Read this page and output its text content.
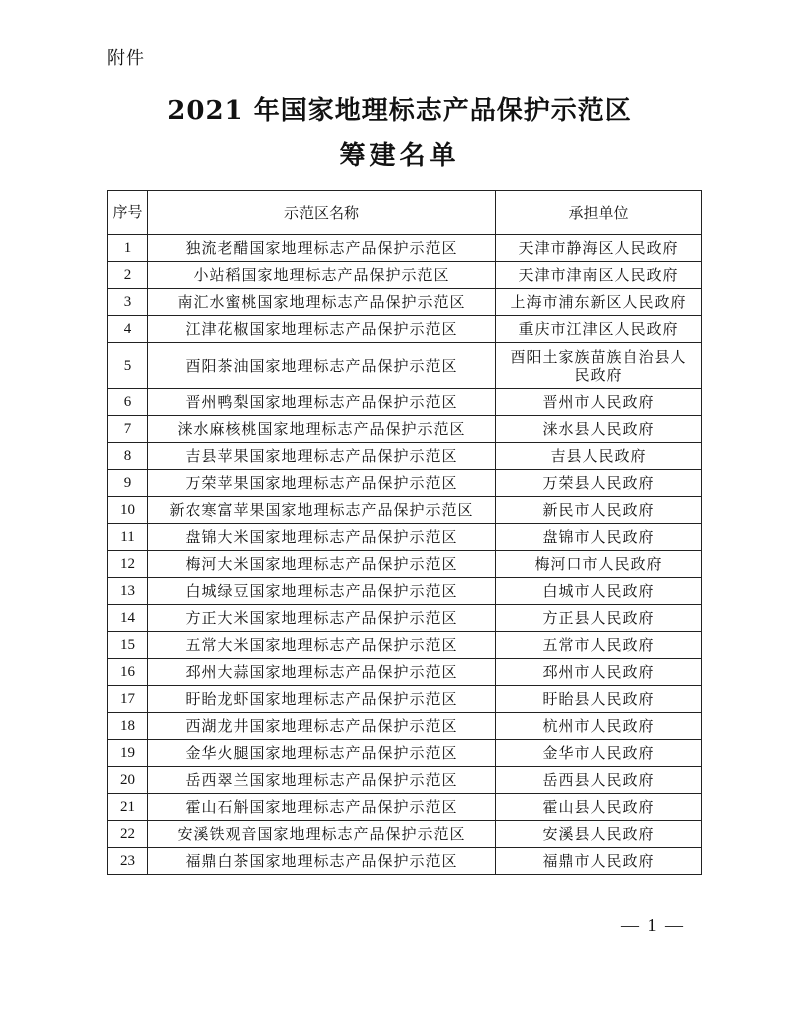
附件
2021 年国家地理标志产品保护示范区
筹建名单
序号	示范区名称	承担单位
1	独流老醋国家地理标志产品保护示范区	天津市静海区人民政府
2	小站稻国家地理标志产品保护示范区	天津市津南区人民政府
3	南汇水蜜桃国家地理标志产品保护示范区	上海市浦东新区人民政府
4	江津花椒国家地理标志产品保护示范区	重庆市江津区人民政府
5	酉阳茶油国家地理标志产品保护示范区	酉阳土家族苗族自治县人民政府
6	晋州鸭梨国家地理标志产品保护示范区	晋州市人民政府
7	涞水麻核桃国家地理标志产品保护示范区	涞水县人民政府
8	吉县苹果国家地理标志产品保护示范区	吉县人民政府
9	万荣苹果国家地理标志产品保护示范区	万荣县人民政府
10	新农寒富苹果国家地理标志产品保护示范区	新民市人民政府
11	盘锦大米国家地理标志产品保护示范区	盘锦市人民政府
12	梅河大米国家地理标志产品保护示范区	梅河口市人民政府
13	白城绿豆国家地理标志产品保护示范区	白城市人民政府
14	方正大米国家地理标志产品保护示范区	方正县人民政府
15	五常大米国家地理标志产品保护示范区	五常市人民政府
16	邳州大蒜国家地理标志产品保护示范区	邳州市人民政府
17	盱眙龙虾国家地理标志产品保护示范区	盱眙县人民政府
18	西湖龙井国家地理标志产品保护示范区	杭州市人民政府
19	金华火腿国家地理标志产品保护示范区	金华市人民政府
20	岳西翠兰国家地理标志产品保护示范区	岳西县人民政府
21	霍山石斛国家地理标志产品保护示范区	霍山县人民政府
22	安溪铁观音国家地理标志产品保护示范区	安溪县人民政府
23	福鼎白茶国家地理标志产品保护示范区	福鼎市人民政府
— 1 —
